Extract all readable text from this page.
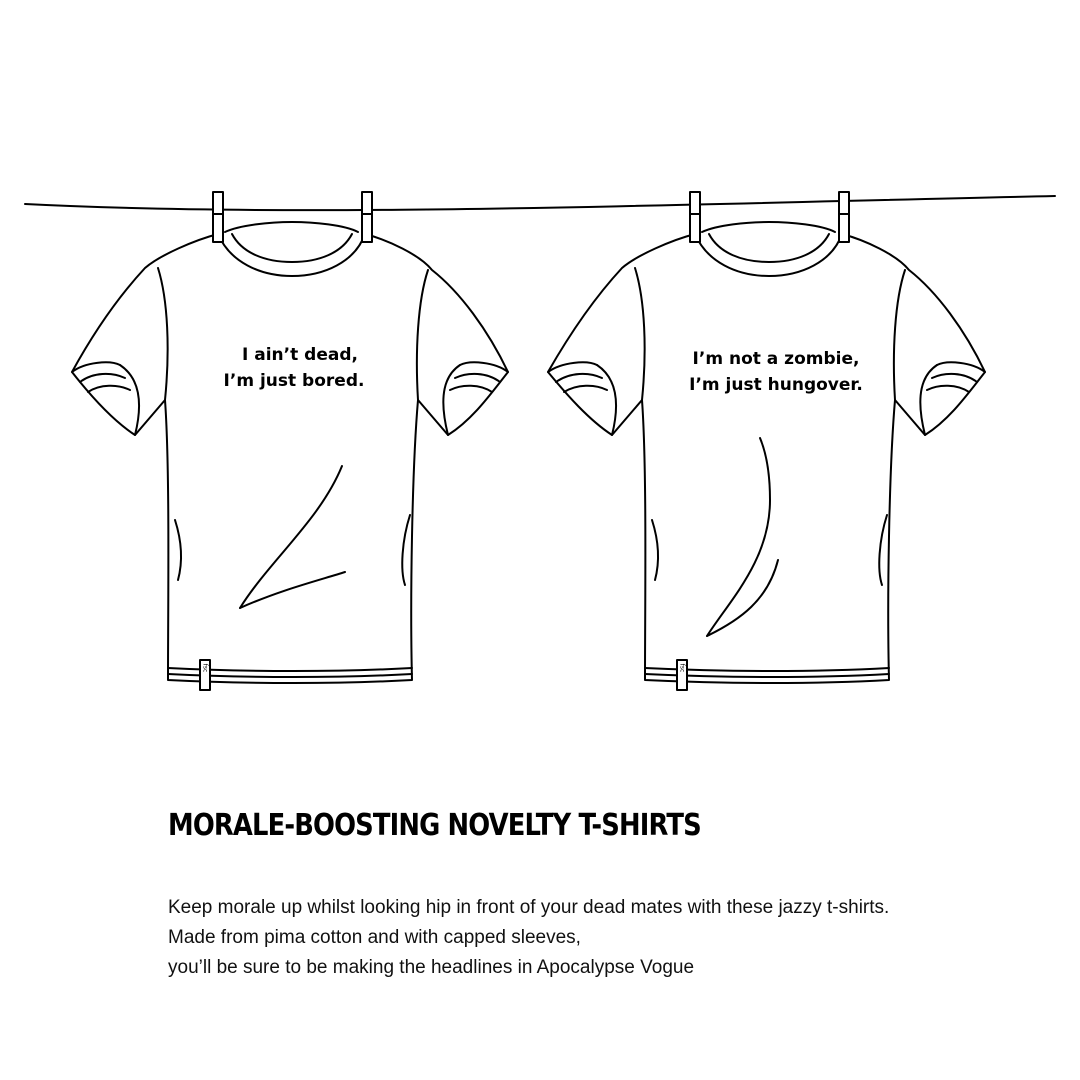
fsc
I ain’t dead,
I’m just bored.
fsc
I’m not a zombie,
I’m just hungover.
MORALE-BOOSTING NOVELTY T-SHIRTS
Keep morale up whilst looking hip in front of your dead mates with these jazzy t-shirts.
Made from pima cotton and with capped sleeves,
you’ll be sure to be making the headlines in Apocalypse Vogue
